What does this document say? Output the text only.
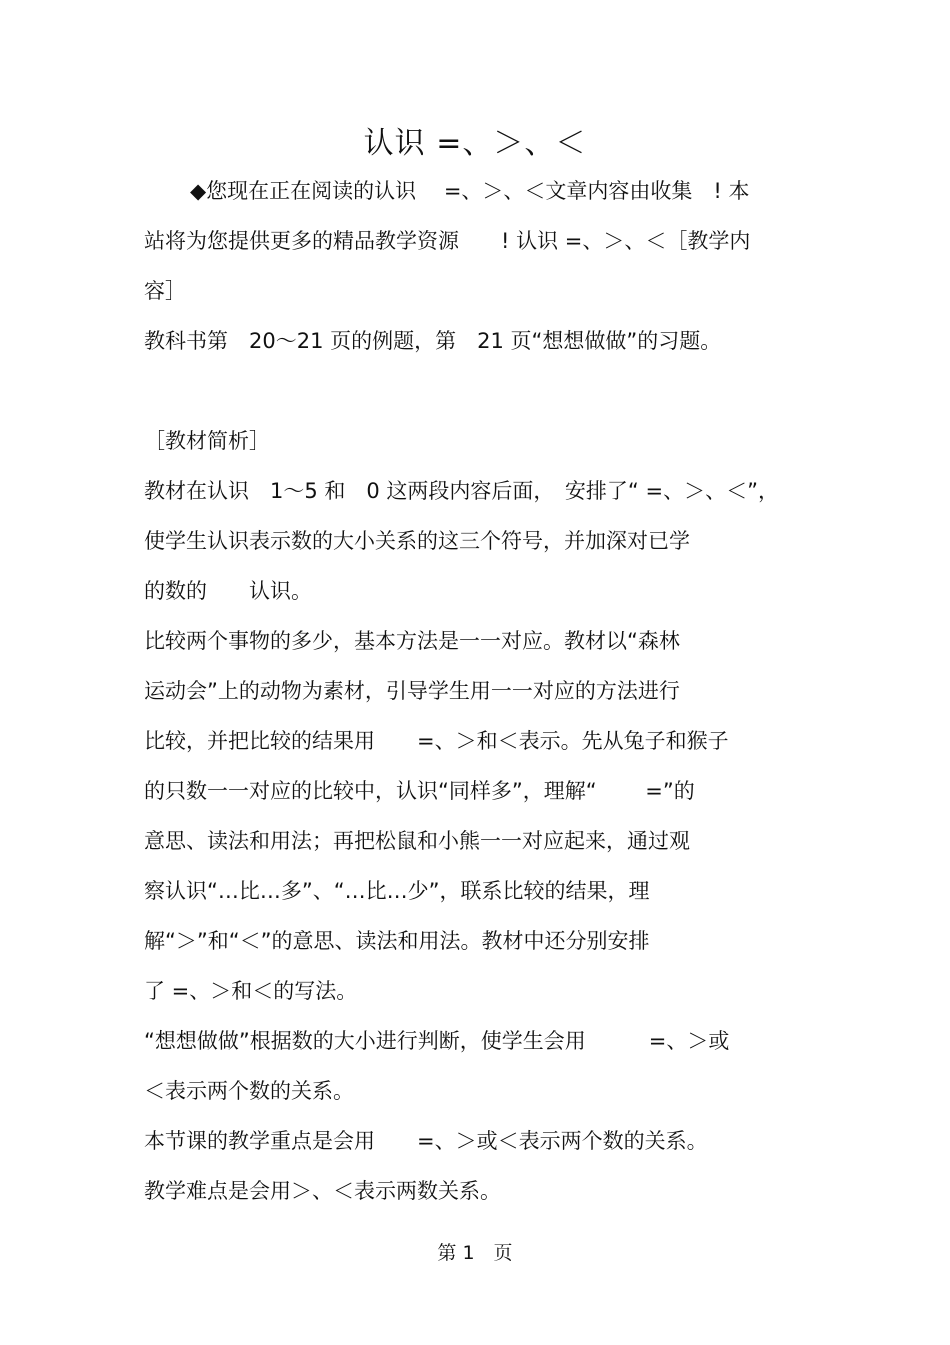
认识 =、＞、＜

◆您现在正在阅读的认识　 =、＞、＜文章内容由收集　! 本

站将为您提供更多的精品教学资源　　! 认识 =、＞、＜［教学内

容］

教科书第　20～21 页的例题，第　21 页“想想做做”的习题。

［教材简析］

教材在认识　1～5 和　0 这两段内容后面，　安排了“ =、＞、＜”，

使学生认识表示数的大小关系的这三个符号，并加深对已学

的数的　　认识。

比较两个事物的多少，基本方法是一一对应。教材以“森林

运动会”上的动物为素材，引导学生用一一对应的方法进行

比较，并把比较的结果用　　=、＞和＜表示。先从兔子和猴子

的只数一一对应的比较中，认识“同样多”，理解“　　 =”的

意思、读法和用法；再把松鼠和小熊一一对应起来，通过观

察认识“…比…多”、“…比…少”，联系比较的结果，理

解“＞”和“＜”的意思、读法和用法。教材中还分别安排

了 =、＞和＜的写法。

“想想做做”根据数的大小进行判断，使学生会用　　　=、＞或

＜表示两个数的关系。

本节课的教学重点是会用　　=、＞或＜表示两个数的关系。

教学难点是会用＞、＜表示两数关系。

第 1　页
